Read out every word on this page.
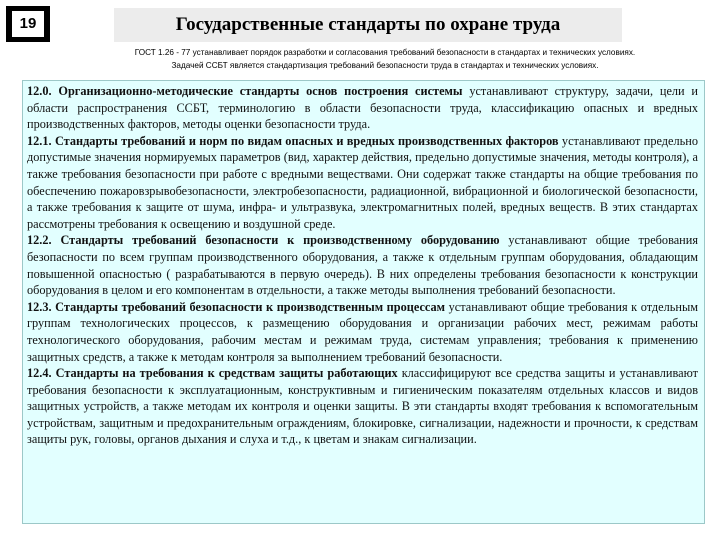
19	Государственные стандарты по охране труда
ГОСТ 1.26 - 77 устанавливает порядок разработки и согласования требований безопасности в стандартах и технических условиях.
Задачей ССБТ является стандартизация требований безопасности труда в стандартах и технических условиях.

12.0. Организационно-методические стандарты основ построения системы устанавливают структуру, задачи, цели и области распространения ССБТ, терминологию в области безопасности труда, классификацию опасных и вредных производственных факторов, методы оценки безопасности труда.

12.1. Стандарты требований и норм по видам опасных и вредных производственных факторов устанавливают предельно допустимые значения нормируемых параметров (вид, характер действия, предельно допустимые значения, методы контроля), а также требования безопасности при работе с вредными веществами. Они содержат также стандарты на общие требования по обеспечению пожаровзрывобезопасности, электробезопасности, радиационной, вибрационной и биологической безопасности, а также требования к защите от шума, инфра- и ультразвука, электромагнитных полей, вредных веществ. В этих стандартах рассмотрены требования к освещению и воздушной среде.

12.2. Стандарты требований безопасности к производственному оборудованию устанавливают общие требования безопасности по всем группам производственного оборудования, а также к отдельным группам оборудования, обладающим повышенной опасностью ( разрабатываются в первую очередь). В них определены требования безопасности к конструкции оборудования в целом и его компонентам в отдельности, а также методы выполнения требований безопасности.

12.3. Стандарты требований безопасности к производственным процессам устанавливают общие требования к отдельным группам технологических процессов, к размещению оборудования и организации рабочих мест, режимам работы технологического оборудования, рабочим местам и режимам труда, системам управления; требования к применению защитных средств, а также к методам контроля за выполнением требований безопасности.

12.4. Стандарты на требования к средствам защиты работающих классифицируют все средства защиты и устанавливают требования безопасности к эксплуатационным, конструктивным и гигиеническим показателям отдельных классов и видов защитных устройств, а также методам их контроля и оценки защиты. В эти стандарты входят требования к вспомогательным устройствам, защитным и предохранительным ограждениям, блокировке, сигнализации, надежности и прочности, к средствам защиты рук, головы, органов дыхания и слуха и т.д., к цветам и знакам сигнализации.
